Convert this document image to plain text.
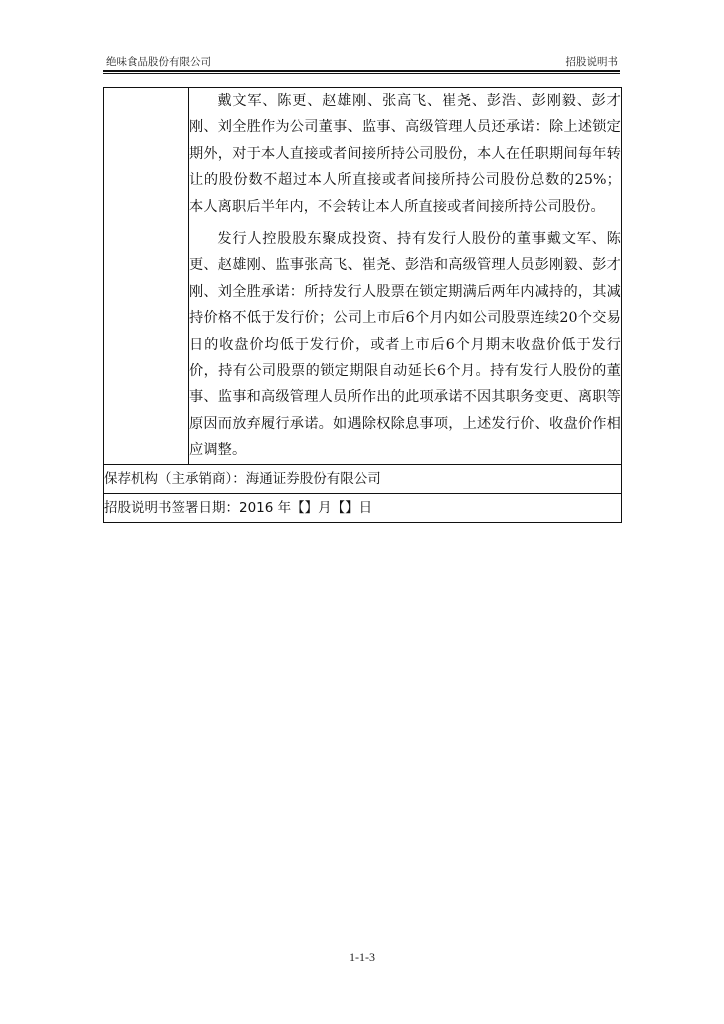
绝味食品股份有限公司	招股说明书

戴文军、陈更、赵雄刚、张高飞、崔尧、彭浩、彭刚毅、彭才刚、刘全胜作为公司董事、监事、高级管理人员还承诺：除上述锁定期外，对于本人直接或者间接所持公司股份，本人在任职期间每年转让的股份数不超过本人所直接或者间接所持公司股份总数的25%；本人离职后半年内，不会转让本人所直接或者间接所持公司股份。

发行人控股股东聚成投资、持有发行人股份的董事戴文军、陈更、赵雄刚、监事张高飞、崔尧、彭浩和高级管理人员彭刚毅、彭才刚、刘全胜承诺：所持发行人股票在锁定期满后两年内减持的，其减持价格不低于发行价；公司上市后6个月内如公司股票连续20个交易日的收盘价均低于发行价，或者上市后6个月期末收盘价低于发行价，持有公司股票的锁定期限自动延长6个月。持有发行人股份的董事、监事和高级管理人员所作出的此项承诺不因其职务变更、离职等原因而放弃履行承诺。如遇除权除息事项，上述发行价、收盘价作相应调整。

保荐机构（主承销商）：海通证券股份有限公司
招股说明书签署日期：2016 年【】月【】日
1-1-3
